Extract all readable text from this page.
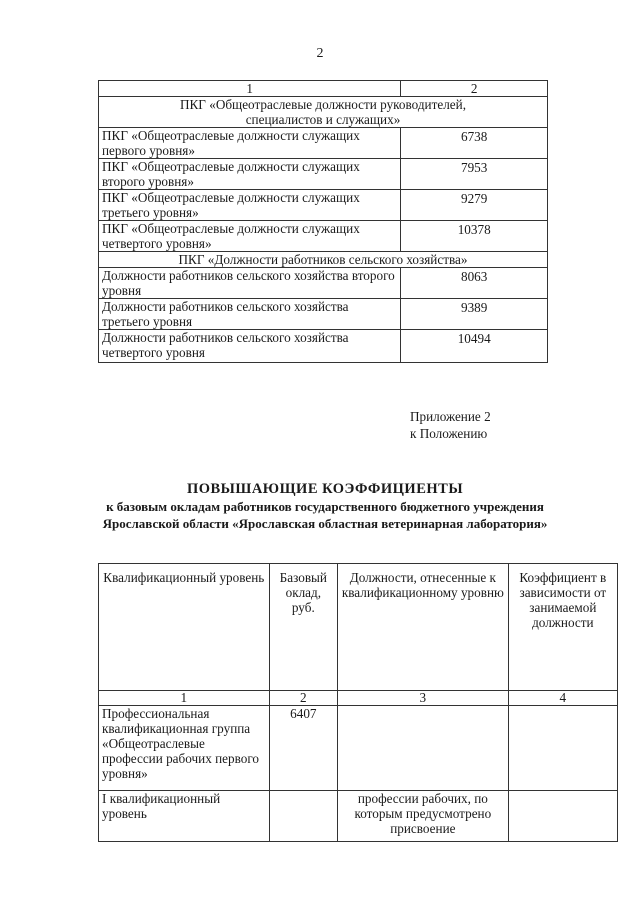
2
1	2
ПКГ «Общеотраслевые должности руководителей, специалистов и служащих»	
ПКГ «Общеотраслевые должности служащих первого уровня»	6738
ПКГ «Общеотраслевые должности служащих второго уровня»	7953
ПКГ «Общеотраслевые должности служащих третьего уровня»	9279
ПКГ «Общеотраслевые должности служащих четвертого уровня»	10378
ПКГ «Должности работников сельского хозяйства»	
Должности работников сельского хозяйства второго уровня	8063
Должности работников сельского хозяйства третьего уровня	9389
Должности работников сельского хозяйства четвертого уровня	10494
Приложение 2
к Положению
ПОВЫШАЮЩИЕ КОЭФФИЦИЕНТЫ
к базовым окладам работников государственного бюджетного учреждения Ярославской области «Ярославская областная ветеринарная лаборатория»
Квалификационный уровень	Базовый оклад, руб.	Должности, отнесенные к квалификационному уровню	Коэффициент в зависимости от занимаемой должности
1	2	3	4
Профессиональная квалификационная группа «Общеотраслевые профессии рабочих первого уровня»	6407		
I квалификационный уровень		профессии рабочих, по которым предусмотрено присвоение	
